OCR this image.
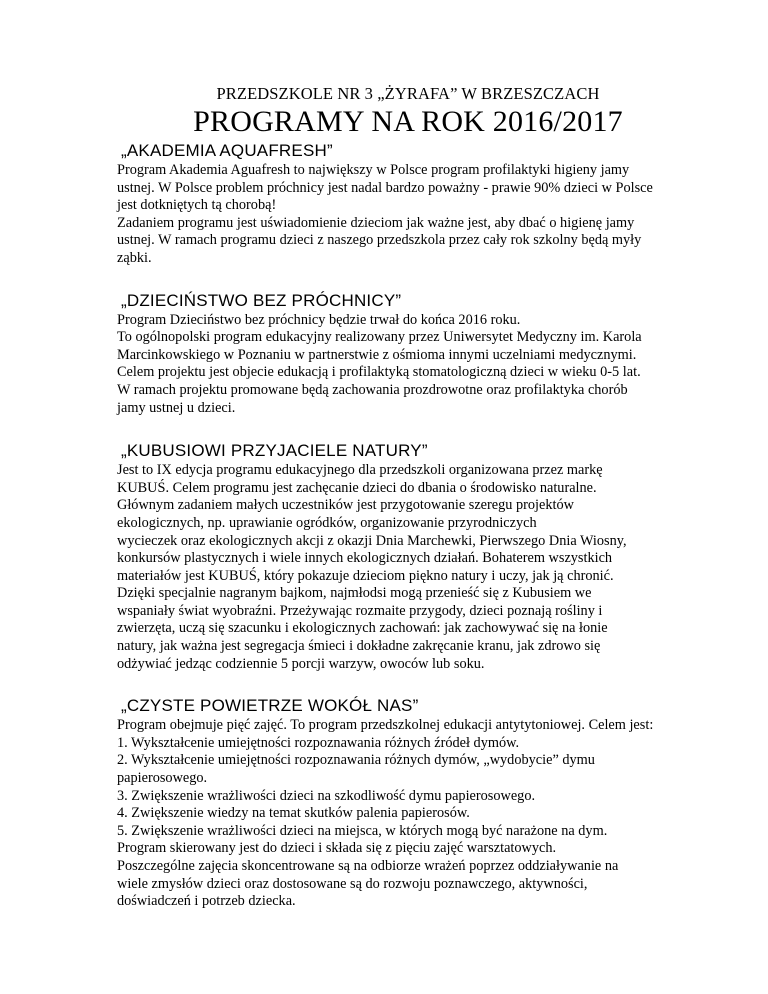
PRZEDSZKOLE NR 3 „ŻYRAFA” W BRZESZCZACH
PROGRAMY NA ROK 2016/2017
„AKADEMIA AQUAFRESH”

Program Akademia Aguafresh to największy w Polsce program profilaktyki higieny jamy

ustnej. W Polsce problem próchnicy jest nadal bardzo poważny - prawie 90% dzieci w Polsce

jest dotkniętych tą chorobą!

Zadaniem programu jest uświadomienie dzieciom jak ważne jest, aby dbać o higienę jamy

ustnej. W ramach programu dzieci z naszego przedszkola przez cały rok szkolny będą myły

ząbki.

„DZIECIŃSTWO BEZ PRÓCHNICY”

Program Dzieciństwo bez próchnicy będzie trwał do końca 2016 roku.

To ogólnopolski program edukacyjny realizowany przez Uniwersytet Medyczny im. Karola

Marcinkowskiego w Poznaniu w partnerstwie z ośmioma innymi uczelniami medycznymi.

Celem projektu jest objecie edukacją i profilaktyką stomatologiczną dzieci w wieku 0-5 lat.

W ramach projektu promowane będą zachowania prozdrowotne oraz profilaktyka chorób

jamy ustnej u dzieci.

„KUBUSIOWI PRZYJACIELE NATURY”

Jest to IX edycja programu edukacyjnego dla przedszkoli organizowana przez markę

KUBUŚ. Celem programu jest zachęcanie dzieci do dbania o środowisko naturalne.

Głównym zadaniem małych uczestników jest przygotowanie szeregu projektów

ekologicznych, np. uprawianie ogródków, organizowanie przyrodniczych

wycieczek oraz ekologicznych akcji z okazji Dnia Marchewki, Pierwszego Dnia Wiosny,

konkursów plastycznych i wiele innych ekologicznych działań. Bohaterem wszystkich

materiałów jest KUBUŚ, który pokazuje dzieciom piękno natury i uczy, jak ją chronić.

Dzięki specjalnie nagranym bajkom, najmłodsi mogą przenieść się z Kubusiem we

wspaniały świat wyobraźni. Przeżywając rozmaite przygody, dzieci poznają rośliny i

zwierzęta, uczą się szacunku i ekologicznych zachowań: jak zachowywać się na łonie

natury, jak ważna jest segregacja śmieci i dokładne zakręcanie kranu, jak zdrowo się

odżywiać jedząc codziennie 5 porcji warzyw, owoców lub soku.

„CZYSTE POWIETRZE WOKÓŁ NAS”

Program obejmuje pięć zajęć. To program przedszkolnej edukacji antytytoniowej. Celem jest:

1. Wykształcenie umiejętności rozpoznawania różnych źródeł dymów.

2. Wykształcenie umiejętności rozpoznawania różnych dymów, „wydobycie” dymu

papierosowego.

3. Zwiększenie wrażliwości dzieci na szkodliwość dymu papierosowego.

4. Zwiększenie wiedzy na temat skutków palenia papierosów.

5. Zwiększenie wrażliwości dzieci na miejsca, w których mogą być narażone na dym.

Program skierowany jest do dzieci i składa się z pięciu zajęć warsztatowych.

Poszczególne zajęcia skoncentrowane są na odbiorze wrażeń poprzez oddziaływanie na

wiele zmysłów dzieci oraz dostosowane są do rozwoju poznawczego, aktywności,

doświadczeń i potrzeb dziecka.
